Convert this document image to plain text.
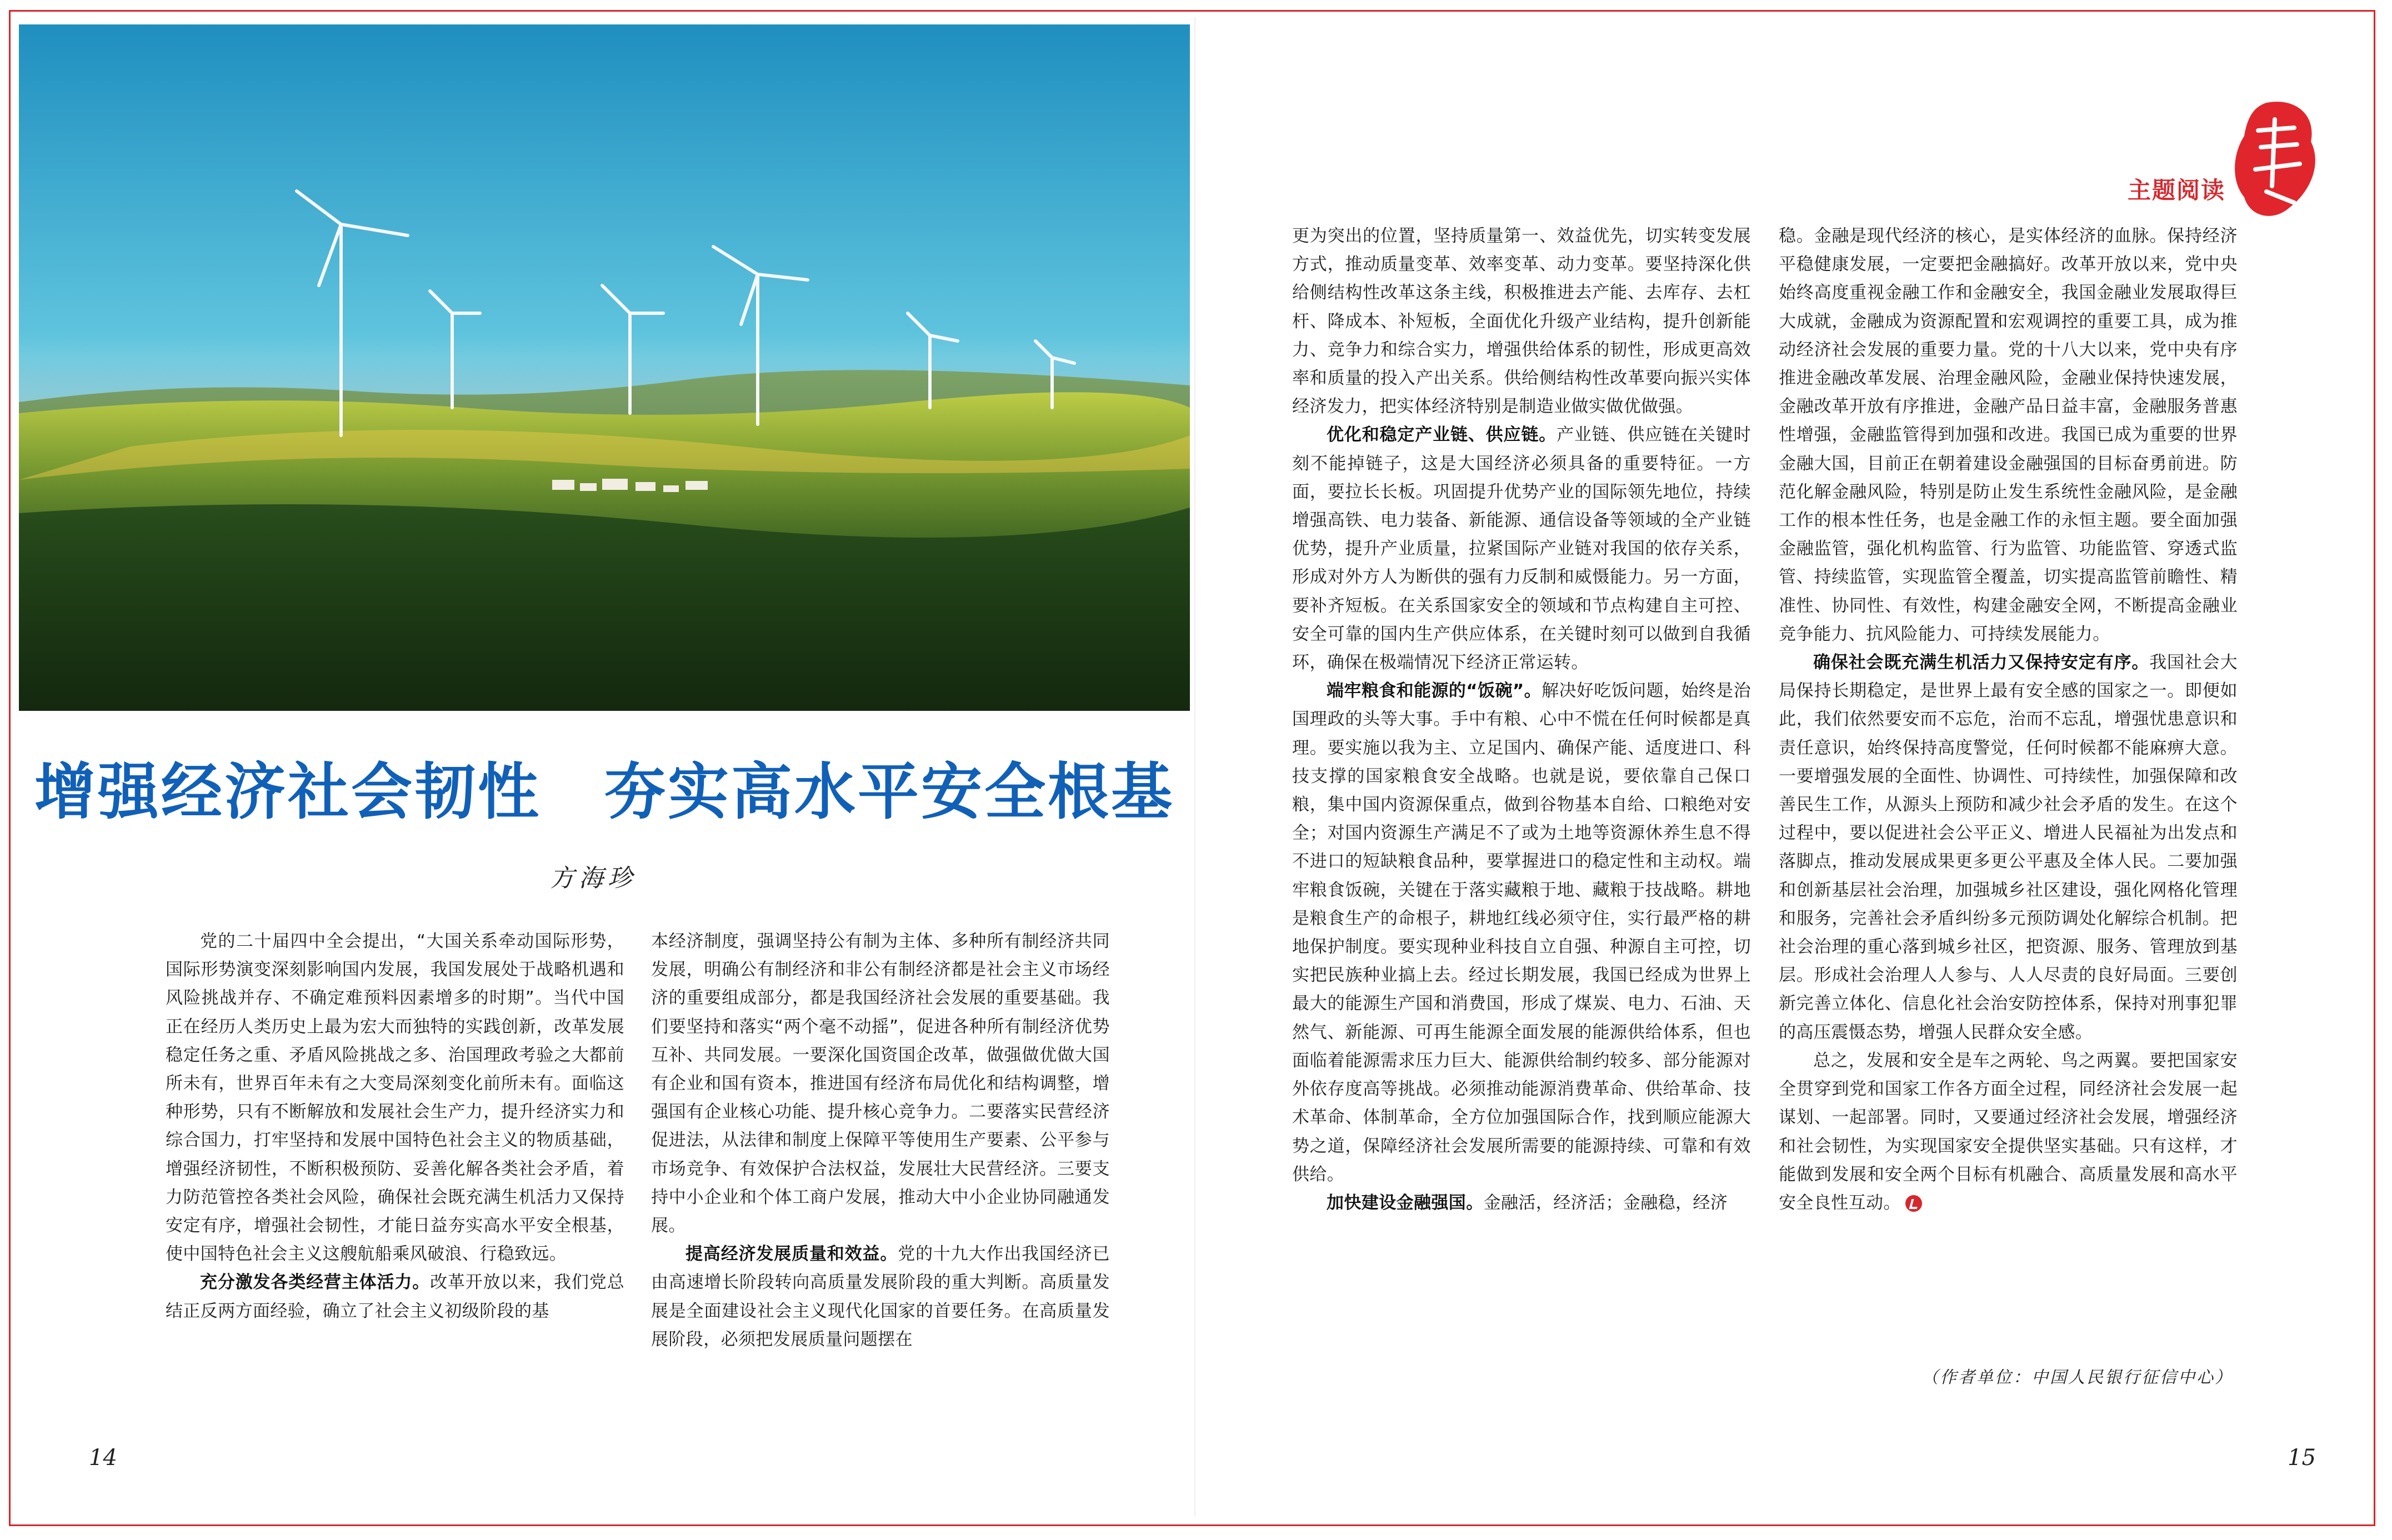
增强经济社会韧性　夯实高水平安全根基
方海珍

党的二十届四中全会提出，“大国关系牵动国际形势，国际形势演变深刻影响国内发展，我国发展处于战略机遇和风险挑战并存、不确定难预料因素增多的时期”。当代中国正在经历人类历史上最为宏大而独特的实践创新，改革发展稳定任务之重、矛盾风险挑战之多、治国理政考验之大都前所未有，世界百年未有之大变局深刻变化前所未有。面临这种形势，只有不断解放和发展社会生产力，提升经济实力和综合国力，打牢坚持和发展中国特色社会主义的物质基础，增强经济韧性，不断积极预防、妥善化解各类社会矛盾，着力防范管控各类社会风险，确保社会既充满生机活力又保持安定有序，增强社会韧性，才能日益夯实高水平安全根基，使中国特色社会主义这艘航船乘风破浪、行稳致远。

充分激发各类经营主体活力。改革开放以来，我们党总结正反两方面经验，确立了社会主义初级阶段的基

本经济制度，强调坚持公有制为主体、多种所有制经济共同发展，明确公有制经济和非公有制经济都是社会主义市场经济的重要组成部分，都是我国经济社会发展的重要基础。我们要坚持和落实“两个毫不动摇”，促进各种所有制经济优势互补、共同发展。一要深化国资国企改革，做强做优做大国有企业和国有资本，推进国有经济布局优化和结构调整，增强国有企业核心功能、提升核心竞争力。二要落实民营经济促进法，从法律和制度上保障平等使用生产要素、公平参与市场竞争、有效保护合法权益，发展壮大民营经济。三要支持中小企业和个体工商户发展，推动大中小企业协同融通发展。

提高经济发展质量和效益。党的十九大作出我国经济已由高速增长阶段转向高质量发展阶段的重大判断。高质量发展是全面建设社会主义现代化国家的首要任务。在高质量发展阶段，必须把发展质量问题摆在

更为突出的位置，坚持质量第一、效益优先，切实转变发展方式，推动质量变革、效率变革、动力变革。要坚持深化供给侧结构性改革这条主线，积极推进去产能、去库存、去杠杆、降成本、补短板，全面优化升级产业结构，提升创新能力、竞争力和综合实力，增强供给体系的韧性，形成更高效率和质量的投入产出关系。供给侧结构性改革要向振兴实体经济发力，把实体经济特别是制造业做实做优做强。

优化和稳定产业链、供应链。产业链、供应链在关键时刻不能掉链子，这是大国经济必须具备的重要特征。一方面，要拉长长板。巩固提升优势产业的国际领先地位，持续增强高铁、电力装备、新能源、通信设备等领域的全产业链优势，提升产业质量，拉紧国际产业链对我国的依存关系，形成对外方人为断供的强有力反制和威慑能力。另一方面，要补齐短板。在关系国家安全的领域和节点构建自主可控、安全可靠的国内生产供应体系，在关键时刻可以做到自我循环，确保在极端情况下经济正常运转。

端牢粮食和能源的“饭碗”。解决好吃饭问题，始终是治国理政的头等大事。手中有粮、心中不慌在任何时候都是真理。要实施以我为主、立足国内、确保产能、适度进口、科技支撑的国家粮食安全战略。也就是说，要依靠自己保口粮，集中国内资源保重点，做到谷物基本自给、口粮绝对安全；对国内资源生产满足不了或为土地等资源休养生息不得不进口的短缺粮食品种，要掌握进口的稳定性和主动权。端牢粮食饭碗，关键在于落实藏粮于地、藏粮于技战略。耕地是粮食生产的命根子，耕地红线必须守住，实行最严格的耕地保护制度。要实现种业科技自立自强、种源自主可控，切实把民族种业搞上去。经过长期发展，我国已经成为世界上最大的能源生产国和消费国，形成了煤炭、电力、石油、天然气、新能源、可再生能源全面发展的能源供给体系，但也面临着能源需求压力巨大、能源供给制约较多、部分能源对外依存度高等挑战。必须推动能源消费革命、供给革命、技术革命、体制革命，全方位加强国际合作，找到顺应能源大势之道，保障经济社会发展所需要的能源持续、可靠和有效供给。

加快建设金融强国。金融活，经济活；金融稳，经济

稳。金融是现代经济的核心，是实体经济的血脉。保持经济平稳健康发展，一定要把金融搞好。改革开放以来，党中央始终高度重视金融工作和金融安全，我国金融业发展取得巨大成就，金融成为资源配置和宏观调控的重要工具，成为推动经济社会发展的重要力量。党的十八大以来，党中央有序推进金融改革发展、治理金融风险，金融业保持快速发展，金融改革开放有序推进，金融产品日益丰富，金融服务普惠性增强，金融监管得到加强和改进。我国已成为重要的世界金融大国，目前正在朝着建设金融强国的目标奋勇前进。防范化解金融风险，特别是防止发生系统性金融风险，是金融工作的根本性任务，也是金融工作的永恒主题。要全面加强金融监管，强化机构监管、行为监管、功能监管、穿透式监管、持续监管，实现监管全覆盖，切实提高监管前瞻性、精准性、协同性、有效性，构建金融安全网，不断提高金融业竞争能力、抗风险能力、可持续发展能力。

确保社会既充满生机活力又保持安定有序。我国社会大局保持长期稳定，是世界上最有安全感的国家之一。即便如此，我们依然要安而不忘危，治而不忘乱，增强忧患意识和责任意识，始终保持高度警觉，任何时候都不能麻痹大意。一要增强发展的全面性、协调性、可持续性，加强保障和改善民生工作，从源头上预防和减少社会矛盾的发生。在这个过程中，要以促进社会公平正义、增进人民福祉为出发点和落脚点，推动发展成果更多更公平惠及全体人民。二要加强和创新基层社会治理，加强城乡社区建设，强化网格化管理和服务，完善社会矛盾纠纷多元预防调处化解综合机制。把社会治理的重心落到城乡社区，把资源、服务、管理放到基层。形成社会治理人人参与、人人尽责的良好局面。三要创新完善立体化、信息化社会治安防控体系，保持对刑事犯罪的高压震慑态势，增强人民群众安全感。

总之，发展和安全是车之两轮、鸟之两翼。要把国家安全贯穿到党和国家工作各方面全过程，同经济社会发展一起谋划、一起部署。同时，又要通过经济社会发展，增强经济和社会韧性，为实现国家安全提供坚实基础。只有这样，才能做到发展和安全两个目标有机融合、高质量发展和高水平安全良性互动。

（作者单位：中国人民银行征信中心）
14	15
主题阅读
